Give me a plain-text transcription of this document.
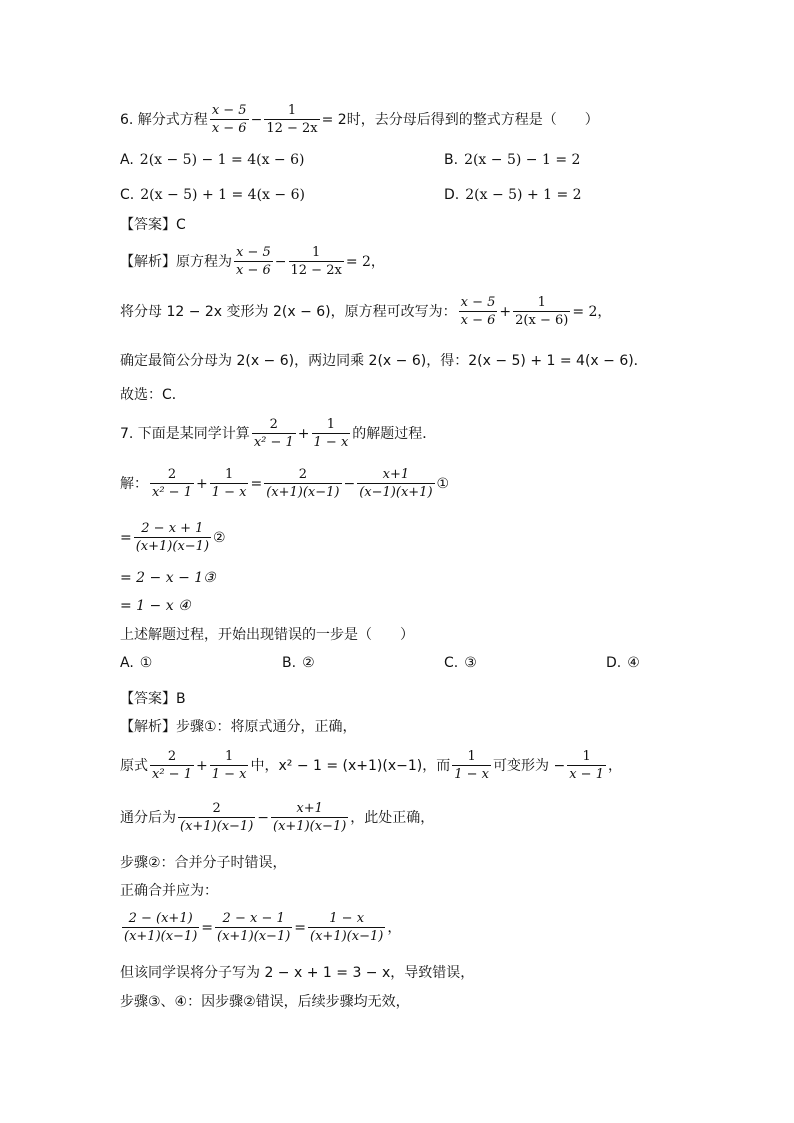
6. 解分式方程 $\frac{x - 5}{x - 6} - \frac{1}{12 - 2x} = 2$时，去分母后得到的整式方程是（　　）
A. 2(x − 5) − 1 = 4(x − 6)	B. 2(x − 5) − 1 = 2
C. 2(x − 5) + 1 = 4(x − 6)	D. 2(x − 5) + 1 = 2
【答案】C
【解析】原方程为 $\frac{x - 5}{x - 6} - \frac{1}{12 - 2x} = 2$，
将分母 12 − 2x 变形为 2(x − 6)，原方程可改写为： $\frac{x - 5}{x - 6} + \frac{1}{2(x - 6)} = 2$，
确定最简公分母为 2(x − 6)，两边同乘 2(x − 6)，得：2(x − 5) + 1 = 4(x − 6)．
故选：C．
7. 下面是某同学计算 $\frac{2}{\text{x² − 1}} + \frac{1}{1 - x}$ 的解题过程．
解： $\frac{2}{\text{x² − 1}} + \frac{1}{1 - x} = \frac{2}{(x+1)(x-1)} - \frac{x+1}{(x-1)(x+1)}$ ①
= $\frac{2 - x + 1}{(x+1)(x-1)}$ ②
= 2 − x − 1③
= 1 − x ④
上述解题过程，开始出现错误的一步是（　　）
A. ①	B. ②	C. ③	D. ④
【答案】B
【解析】步骤①：将原式通分，正确，
原式 $\frac{2}{\text{x² − 1}} + \frac{1}{1 - x}$ 中，x² − 1 = (x+1)(x−1)，而 $\frac{1}{1 - x}$ 可变形为 − $\frac{1}{x - 1}$ ，
通分后为 $\frac{2}{(x+1)(x-1)} - \frac{x+1}{(x+1)(x-1)}$ ，此处正确，
步骤②：合并分子时错误，
正确合并应为：
$\frac{2 - (x+1)}{(x+1)(x-1)} = \frac{2 - x - 1}{(x+1)(x-1)} = \frac{1 - x}{(x+1)(x-1)}$ ，
但该同学误将分子写为 2 − x + 1 = 3 − x，导致错误，
步骤③、④：因步骤②错误，后续步骤均无效，
